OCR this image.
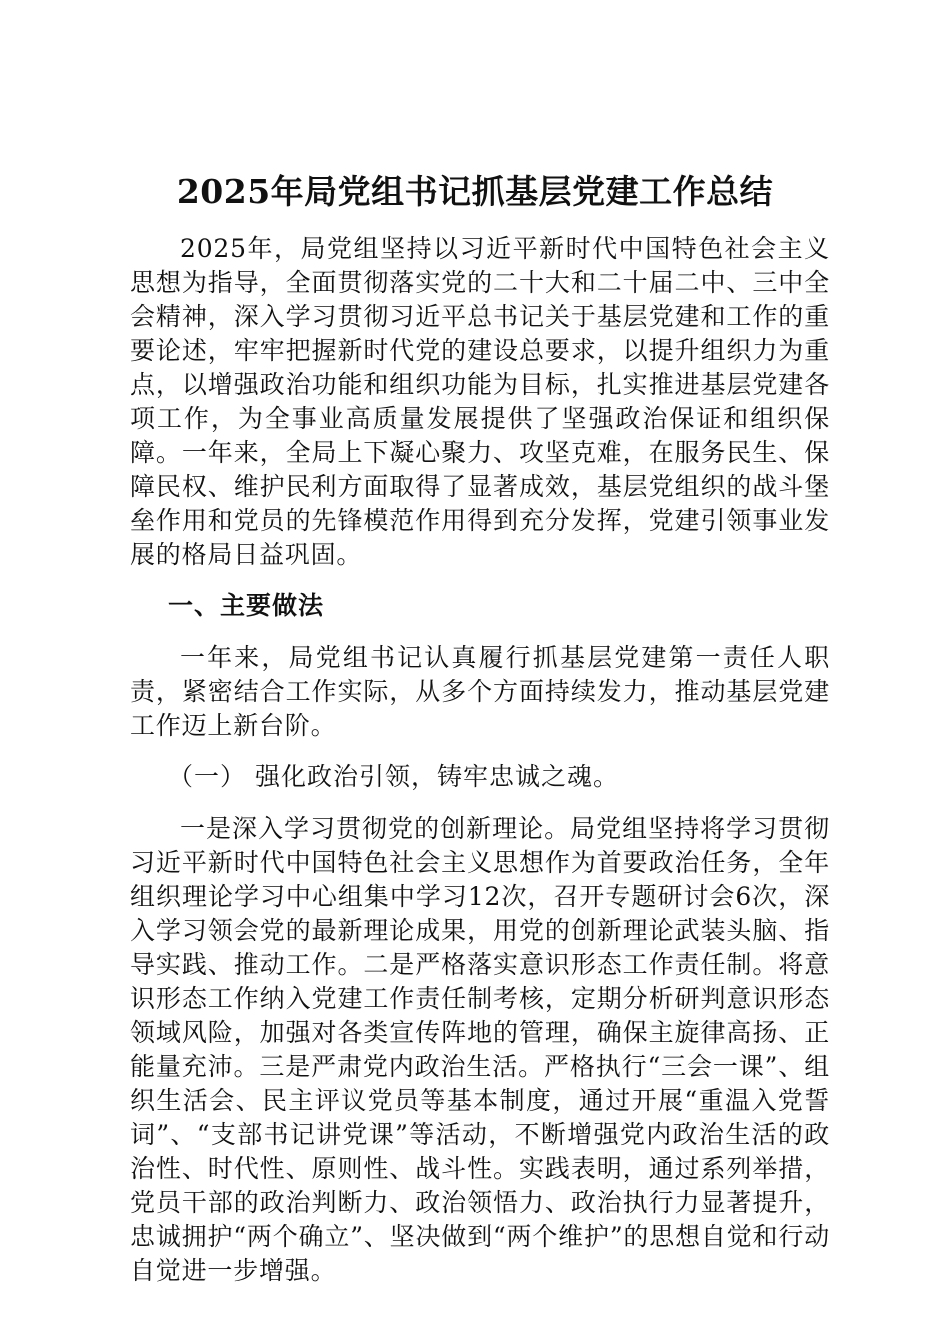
2025年局党组书记抓基层党建工作总结

2025年，局党组坚持以习近平新时代中国特色社会主义思想为指导，全面贯彻落实党的二十大和二十届二中、三中全会精神，深入学习贯彻习近平总书记关于基层党建和工作的重要论述，牢牢把握新时代党的建设总要求，以提升组织力为重点，以增强政治功能和组织功能为目标，扎实推进基层党建各项工作，为全事业高质量发展提供了坚强政治保证和组织保障。一年来，全局上下凝心聚力、攻坚克难，在服务民生、保障民权、维护民利方面取得了显著成效，基层党组织的战斗堡垒作用和党员的先锋模范作用得到充分发挥，党建引领事业发展的格局日益巩固。

一、主要做法

一年来，局党组书记认真履行抓基层党建第一责任人职责，紧密结合工作实际，从多个方面持续发力，推动基层党建工作迈上新台阶。

（一） 强化政治引领，铸牢忠诚之魂。

一是深入学习贯彻党的创新理论。局党组坚持将学习贯彻习近平新时代中国特色社会主义思想作为首要政治任务，全年组织理论学习中心组集中学习12次，召开专题研讨会6次，深入学习领会党的最新理论成果，用党的创新理论武装头脑、指导实践、推动工作。二是严格落实意识形态工作责任制。将意识形态工作纳入党建工作责任制考核，定期分析研判意识形态领域风险，加强对各类宣传阵地的管理，确保主旋律高扬、正能量充沛。三是严肃党内政治生活。严格执行“三会一课”、组织生活会、民主评议党员等基本制度，通过开展“重温入党誓词”、“支部书记讲党课”等活动，不断增强党内政治生活的政治性、时代性、原则性、战斗性。实践表明，通过系列举措，党员干部的政治判断力、政治领悟力、政治执行力显著提升，忠诚拥护“两个确立”、坚决做到“两个维护”的思想自觉和行动自觉进一步增强。
